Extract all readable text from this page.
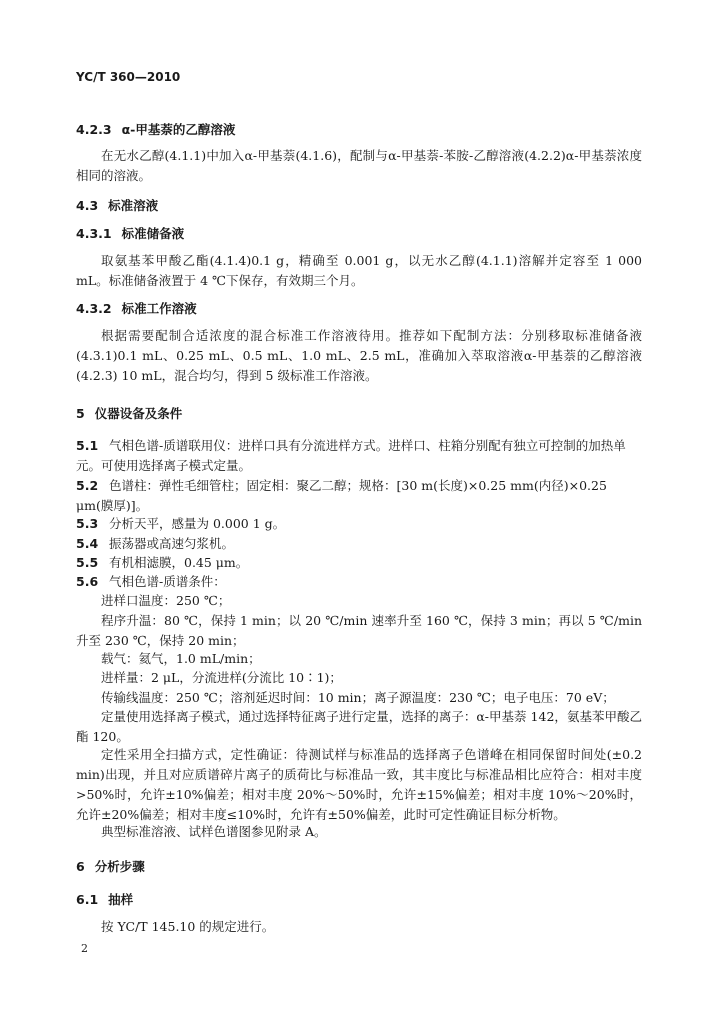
YC/T 360—2010
4.2.3 α-甲基萘的乙醇溶液
在无水乙醇(4.1.1)中加入α-甲基萘(4.1.6)，配制与α-甲基萘-苯胺-乙醇溶液(4.2.2)α-甲基萘浓度相同的溶液。
4.3 标准溶液
4.3.1 标准储备液
取氨基苯甲酸乙酯(4.1.4)0.1 g，精确至 0.001 g，以无水乙醇(4.1.1)溶解并定容至 1 000 mL。标准储备液置于 4 ℃下保存，有效期三个月。
4.3.2 标准工作溶液
根据需要配制合适浓度的混合标准工作溶液待用。推荐如下配制方法：分别移取标准储备液(4.3.1)0.1 mL、0.25 mL、0.5 mL、1.0 mL、2.5 mL，准确加入萃取溶液α-甲基萘的乙醇溶液(4.2.3) 10 mL，混合均匀，得到 5 级标准工作溶液。
5 仪器设备及条件
5.1 气相色谱-质谱联用仪：进样口具有分流进样方式。进样口、柱箱分别配有独立可控制的加热单元。可使用选择离子模式定量。
5.2 色谱柱：弹性毛细管柱；固定相：聚乙二醇；规格：[30 m(长度)×0.25 mm(内径)×0.25 μm(膜厚)]。
5.3 分析天平，感量为 0.000 1 g。
5.4 振荡器或高速匀浆机。
5.5 有机相滤膜，0.45 μm。
5.6 气相色谱-质谱条件：
进样口温度：250 ℃；
程序升温：80 ℃，保持 1 min；以 20 ℃/min 速率升至 160 ℃，保持 3 min；再以 5 ℃/min 升至 230 ℃，保持 20 min；
载气：氦气，1.0 mL/min；
进样量：2 μL，分流进样(分流比 10∶1)；
传输线温度：250 ℃；溶剂延迟时间：10 min；离子源温度：230 ℃；电子电压：70 eV；
定量使用选择离子模式，通过选择特征离子进行定量，选择的离子：α-甲基萘 142，氨基苯甲酸乙酯 120。
定性采用全扫描方式，定性确证：待测试样与标准品的选择离子色谱峰在相同保留时间处(±0.2 min)出现，并且对应质谱碎片离子的质荷比与标准品一致，其丰度比与标准品相比应符合：相对丰度>50%时，允许±10%偏差；相对丰度 20%～50%时，允许±15%偏差；相对丰度 10%～20%时，允许±20%偏差；相对丰度≤10%时，允许有±50%偏差，此时可定性确证目标分析物。
典型标准溶液、试样色谱图参见附录 A。
6 分析步骤
6.1 抽样
按 YC/T 145.10 的规定进行。
2
